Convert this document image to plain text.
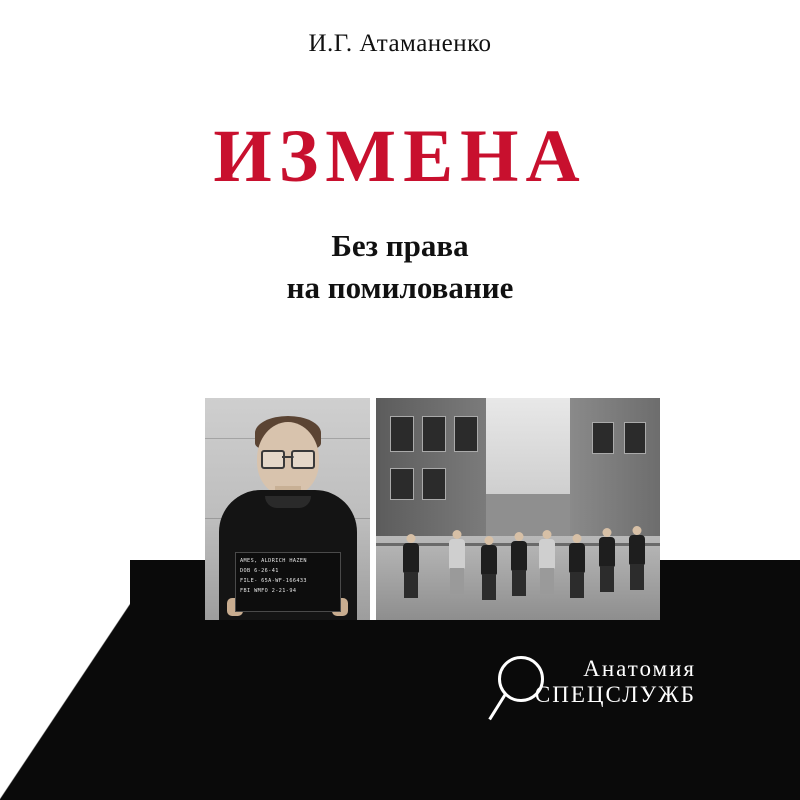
И.Г. Атаманенко
ИЗМЕНА
Без права
на помилование
AMES, ALDRICH HAZEN
DOB 6-26-41
FILE- 65A-WF-166433
FBI WMFO 2-21-94
Анатомия
СПЕЦСЛУЖБ
